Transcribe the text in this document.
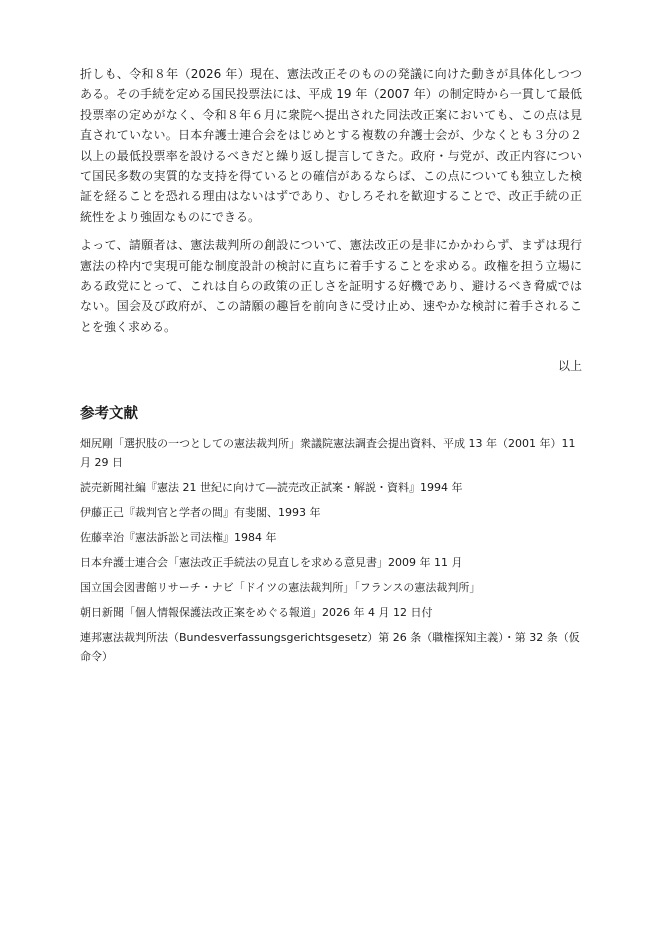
折しも、令和８年（2026 年）現在、憲法改正そのものの発議に向けた動きが具体化しつつある。その手続を定める国民投票法には、平成 19 年（2007 年）の制定時から一貫して最低投票率の定めがなく、令和８年６月に衆院へ提出された同法改正案においても、この点は見直されていない。日本弁護士連合会をはじめとする複数の弁護士会が、少なくとも３分の２以上の最低投票率を設けるべきだと繰り返し提言してきた。政府・与党が、改正内容について国民多数の実質的な支持を得ているとの確信があるならば、この点についても独立した検証を経ることを恐れる理由はないはずであり、むしろそれを歓迎することで、改正手続の正統性をより強固なものにできる。

よって、請願者は、憲法裁判所の創設について、憲法改正の是非にかかわらず、まずは現行憲法の枠内で実現可能な制度設計の検討に直ちに着手することを求める。政権を担う立場にある政党にとって、これは自らの政策の正しさを証明する好機であり、避けるべき脅威ではない。国会及び政府が、この請願の趣旨を前向きに受け止め、速やかな検討に着手されることを強く求める。

以上

参考文献

畑尻剛「選択肢の一つとしての憲法裁判所」衆議院憲法調査会提出資料、平成 13 年（2001 年）11 月 29 日

読売新聞社編『憲法 21 世紀に向けて―読売改正試案・解説・資料』1994 年

伊藤正己『裁判官と学者の間』有斐閣、1993 年

佐藤幸治『憲法訴訟と司法権』1984 年

日本弁護士連合会「憲法改正手続法の見直しを求める意見書」2009 年 11 月

国立国会図書館リサーチ・ナビ「ドイツの憲法裁判所」「フランスの憲法裁判所」

朝日新聞「個人情報保護法改正案をめぐる報道」2026 年 4 月 12 日付

連邦憲法裁判所法（Bundesverfassungsgerichtsgesetz）第 26 条（職権探知主義）・第 32 条（仮命令）
